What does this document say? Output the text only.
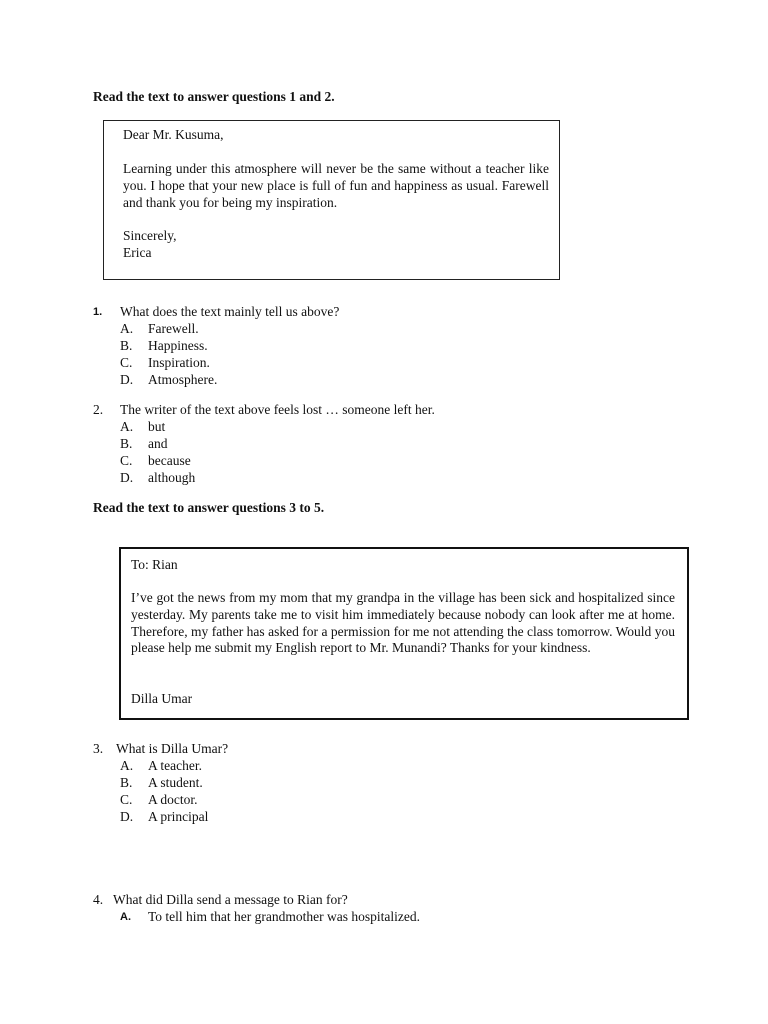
Read the text to answer questions 1 and 2.

Dear Mr. Kusuma,

Learning under this atmosphere will never be the same without a teacher like you. I hope that your new place is full of fun and happiness as usual. Farewell and thank you for being my inspiration.

Sincerely,

Erica

1. What does the text mainly tell us above?
A. Farewell.
B. Happiness.
C. Inspiration.
D. Atmosphere.
2. The writer of the text above feels lost … someone left her.
A. but
B. and
C. because
D. although
Read the text to answer questions 3 to 5.

To: Rian

I’ve got the news from my mom that my grandpa in the village has been sick and hospitalized since yesterday. My parents take me to visit him immediately because nobody can look after me at home. Therefore, my father has asked for a permission for me not attending the class tomorrow. Would you please help me submit my English report to Mr. Munandi? Thanks for your kindness.

Dilla Umar

3. What is Dilla Umar?
A. A teacher.
B. A student.
C. A doctor.
D. A principal
4. What did Dilla send a message to Rian for?
A. To tell him that her grandmother was hospitalized.
